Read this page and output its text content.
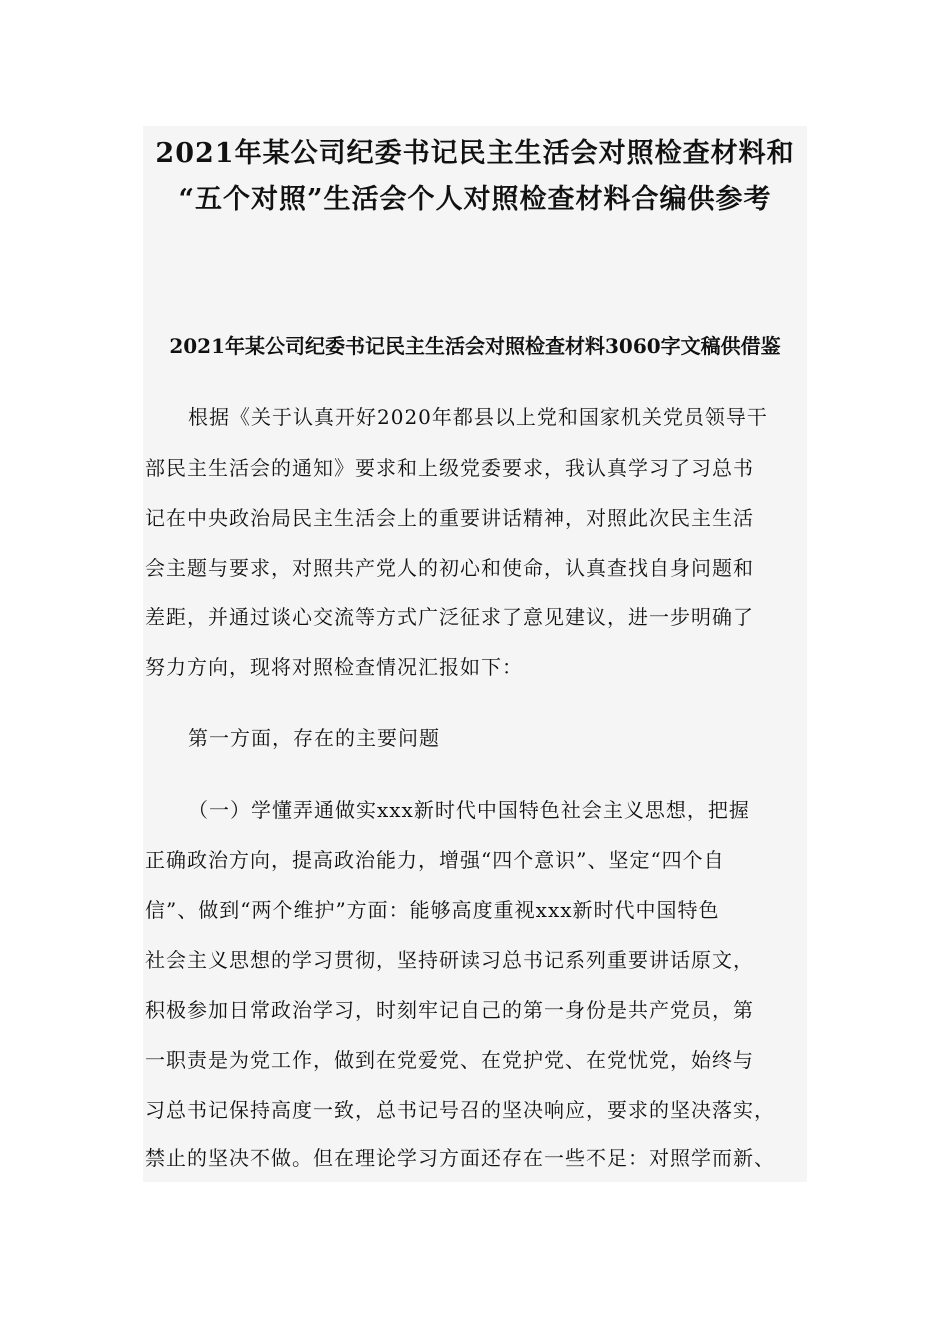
2021年某公司纪委书记民主生活会对照检查材料和
“五个对照”生活会个人对照检查材料合编供参考
2021年某公司纪委书记民主生活会对照检查材料3060字文稿供借鉴
根据《关于认真开好2020年都县以上党和国家机关党员领导干
部民主生活会的通知》要求和上级党委要求，我认真学习了习总书
记在中央政治局民主生活会上的重要讲话精神，对照此次民主生活
会主题与要求，对照共产党人的初心和使命，认真查找自身问题和
差距，并通过谈心交流等方式广泛征求了意见建议，进一步明确了
努力方向，现将对照检查情况汇报如下：
第一方面，存在的主要问题
（一）学懂弄通做实xxx新时代中国特色社会主义思想，把握
正确政治方向，提高政治能力，增强“四个意识”、坚定“四个自
信”、做到“两个维护”方面：能够高度重视xxx新时代中国特色
社会主义思想的学习贯彻，坚持研读习总书记系列重要讲话原文，
积极参加日常政治学习，时刻牢记自己的第一身份是共产党员，第
一职责是为党工作，做到在党爱党、在党护党、在党忧党，始终与
习总书记保持高度一致，总书记号召的坚决响应，要求的坚决落实，
禁止的坚决不做。但在理论学习方面还存在一些不足：对照学而新、
